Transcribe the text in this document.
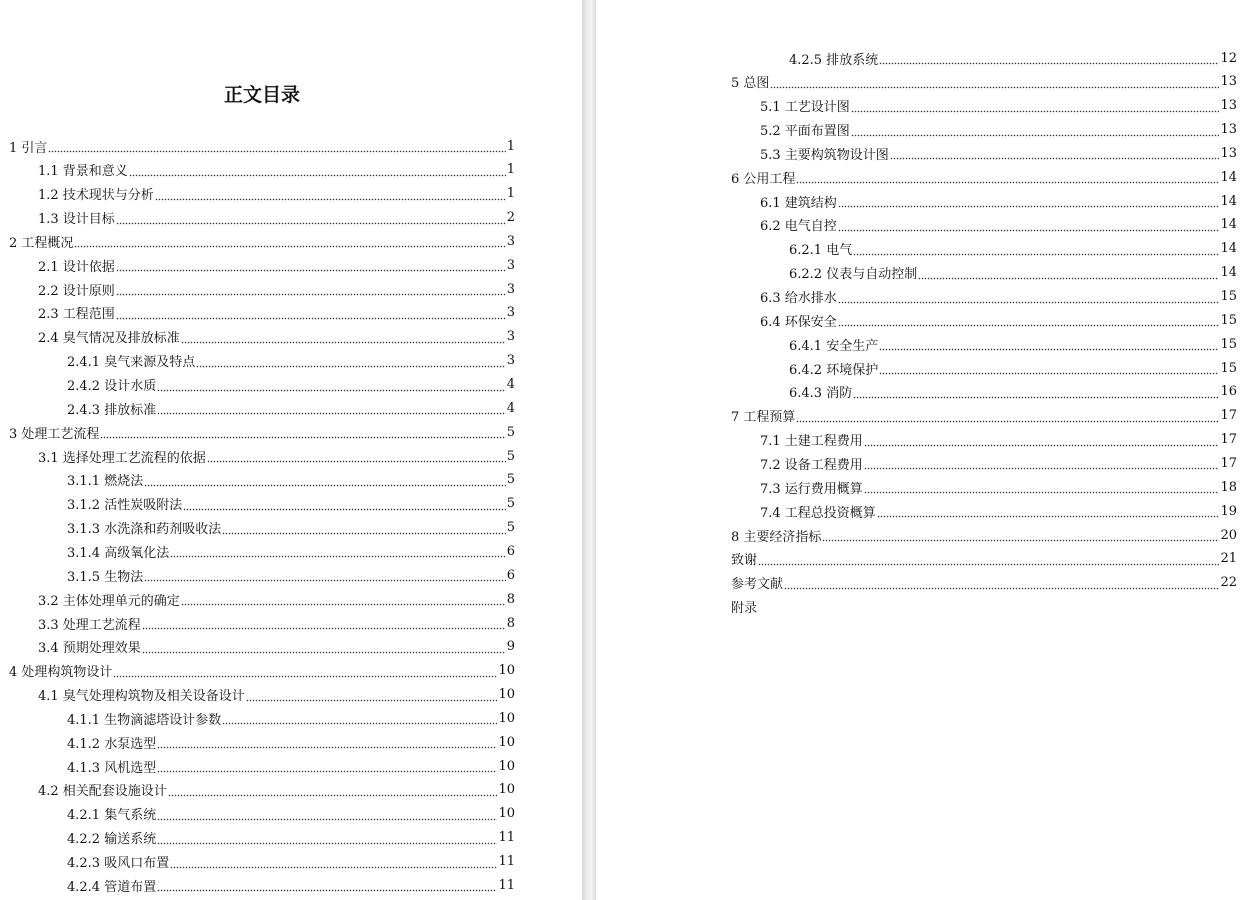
正文目录
1 引言	1
1.1 背景和意义	1
1.2 技术现状与分析	1
1.3 设计目标	2
2 工程概况	3
2.1 设计依据	3
2.2 设计原则	3
2.3 工程范围	3
2.4 臭气情况及排放标准	3
2.4.1 臭气来源及特点	3
2.4.2 设计水质	4
2.4.3 排放标准	4
3 处理工艺流程	5
3.1 选择处理工艺流程的依据	5
3.1.1 燃烧法	5
3.1.2 活性炭吸附法	5
3.1.3 水洗涤和药剂吸收法	5
3.1.4 高级氧化法	6
3.1.5 生物法	6
3.2 主体处理单元的确定	8
3.3 处理工艺流程	8
3.4 预期处理效果	9
4 处理构筑物设计	10
4.1 臭气处理构筑物及相关设备设计	10
4.1.1 生物滴滤塔设计参数	10
4.1.2 水泵选型	10
4.1.3 风机选型	10
4.2 相关配套设施设计	10
4.2.1 集气系统	10
4.2.2 输送系统	11
4.2.3 吸风口布置	11
4.2.4 管道布置	11
4.2.5 排放系统	12
5 总图	13
5.1 工艺设计图	13
5.2 平面布置图	13
5.3 主要构筑物设计图	13
6 公用工程	14
6.1 建筑结构	14
6.2 电气自控	14
6.2.1 电气	14
6.2.2 仪表与自动控制	14
6.3 给水排水	15
6.4 环保安全	15
6.4.1 安全生产	15
6.4.2 环境保护	15
6.4.3 消防	16
7 工程预算	17
7.1 土建工程费用	17
7.2 设备工程费用	17
7.3 运行费用概算	18
7.4 工程总投资概算	19
8 主要经济指标	20
致谢	21
参考文献	22
附录
